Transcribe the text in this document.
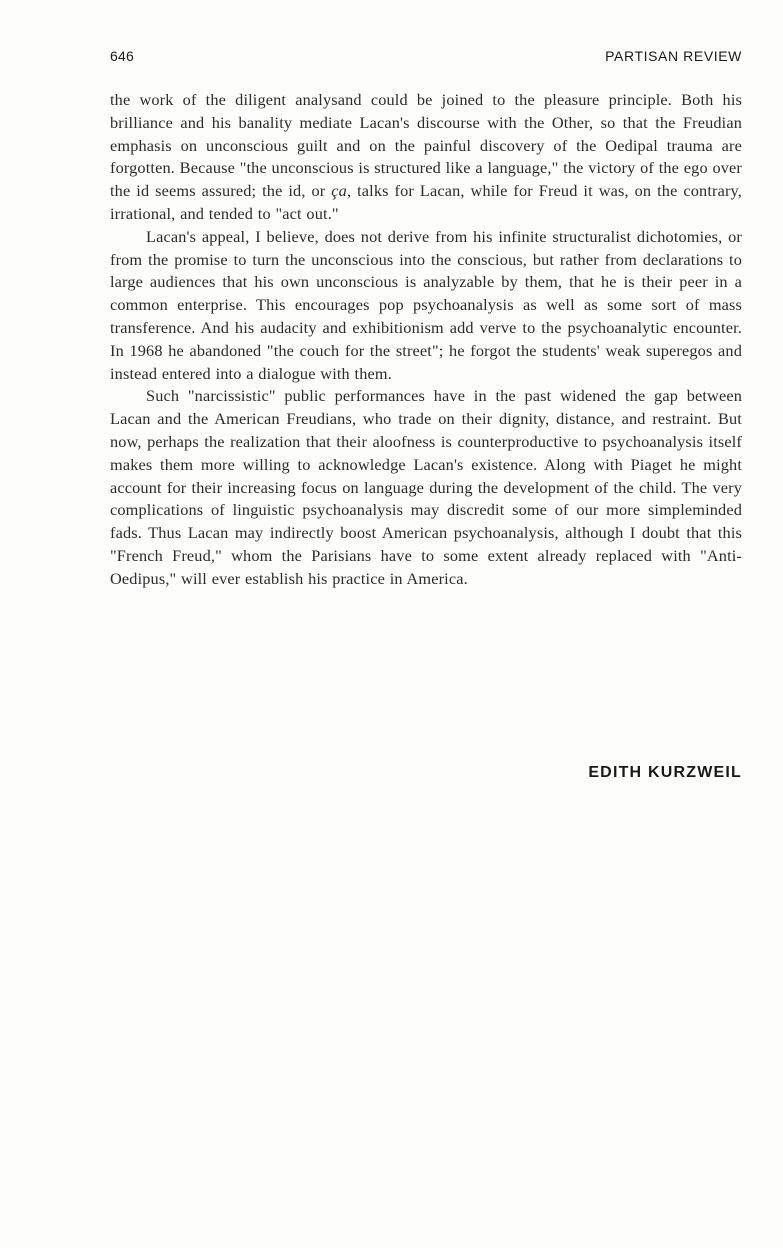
646	PARTISAN REVIEW

the work of the diligent analysand could be joined to the pleasure principle. Both his brilliance and his banality mediate Lacan's discourse with the Other, so that the Freudian emphasis on unconscious guilt and on the painful discovery of the Oedipal trauma are forgotten. Because "the unconscious is structured like a language," the victory of the ego over the id seems assured; the id, or ça, talks for Lacan, while for Freud it was, on the contrary, irrational, and tended to "act out."

Lacan's appeal, I believe, does not derive from his infinite structuralist dichotomies, or from the promise to turn the unconscious into the conscious, but rather from declarations to large audiences that his own unconscious is analyzable by them, that he is their peer in a common enterprise. This encourages pop psychoanalysis as well as some sort of mass transference. And his audacity and exhibitionism add verve to the psychoanalytic encounter. In 1968 he abandoned "the couch for the street"; he forgot the students' weak superegos and instead entered into a dialogue with them.

Such "narcissistic" public performances have in the past widened the gap between Lacan and the American Freudians, who trade on their dignity, distance, and restraint. But now, perhaps the realization that their aloofness is counterproductive to psychoanalysis itself makes them more willing to acknowledge Lacan's existence. Along with Piaget he might account for their increasing focus on language during the development of the child. The very complications of linguistic psychoanalysis may discredit some of our more simpleminded fads. Thus Lacan may indirectly boost American psychoanalysis, although I doubt that this "French Freud," whom the Parisians have to some extent already replaced with "Anti-Oedipus," will ever establish his practice in America.

EDITH KURZWEIL
